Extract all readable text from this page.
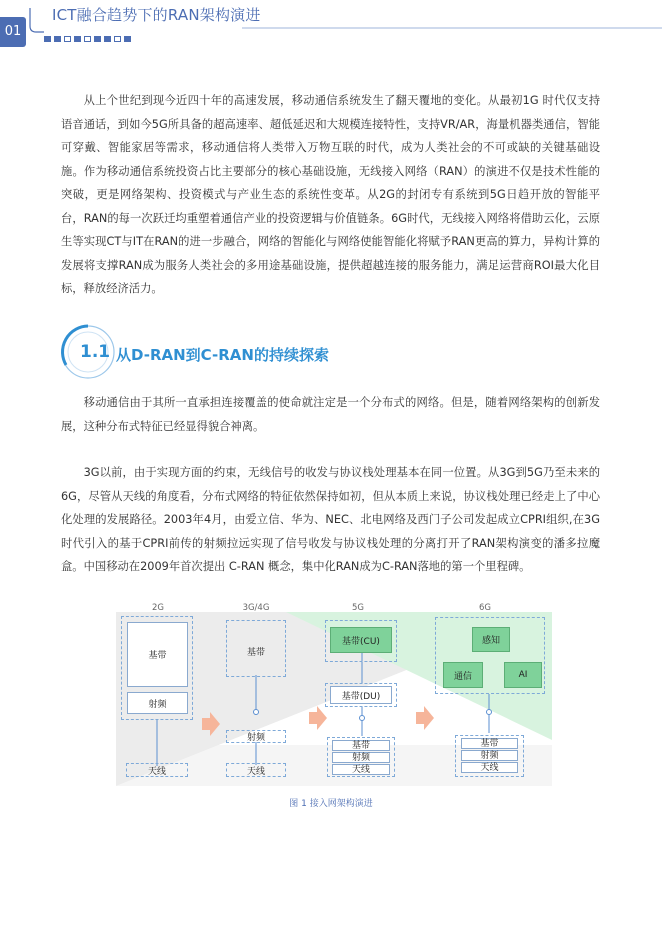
01
ICT融合趋势下的RAN架构演进

从上个世纪到现今近四十年的高速发展，移动通信系统发生了翻天覆地的变化。从最初1G 时代仅支持语音通话，到如今5G所具备的超高速率、超低延迟和大规模连接特性，支持VR/AR，海量机器类通信，智能可穿戴、智能家居等需求，移动通信将人类带入万物互联的时代，成为人类社会的不可或缺的关键基础设施。作为移动通信系统投资占比主要部分的核心基础设施，无线接入网络（RAN）的演进不仅是技术性能的突破，更是网络架构、投资模式与产业生态的系统性变革。从2G的封闭专有系统到5G日趋开放的智能平台，RAN的每一次跃迁均重塑着通信产业的投资逻辑与价值链条。6G时代，无线接入网络将借助云化，云原生等实现CT与IT在RAN的进一步融合，网络的智能化与网络使能智能化将赋予RAN更高的算力，异构计算的发展将支撑RAN成为服务人类社会的多用途基础设施，提供超越连接的服务能力，满足运营商ROI最大化目标，释放经济活力。

1.1 从D-RAN到C-RAN的持续探索

移动通信由于其所一直承担连接覆盖的使命就注定是一个分布式的网络。但是，随着网络架构的创新发展，这种分布式特征已经显得貌合神离。

3G以前，由于实现方面的约束，无线信号的收发与协议栈处理基本在同一位置。从3G到5G乃至未来的6G，尽管从天线的角度看，分布式网络的特征依然保持如初，但从本质上来说，协议栈处理已经走上了中心化处理的发展路径。2003年4月，由爱立信、华为、NEC、北电网络及西门子公司发起成立CPRI组织,在3G时代引入的基于CPRI前传的射频拉远实现了信号收发与协议栈处理的分离打开了RAN架构演变的潘多拉魔盒。中国移动在2009年首次提出 C-RAN 概念，集中化RAN成为C-RAN落地的第一个里程碑。

2G	3G/4G	5G	6G
基带
射频
天线
基带
射频
天线
基带(CU)
基带(DU)
基带
射频
天线
感知
通信	AI
基带
射频
天线
图 1 接入网架构演进
